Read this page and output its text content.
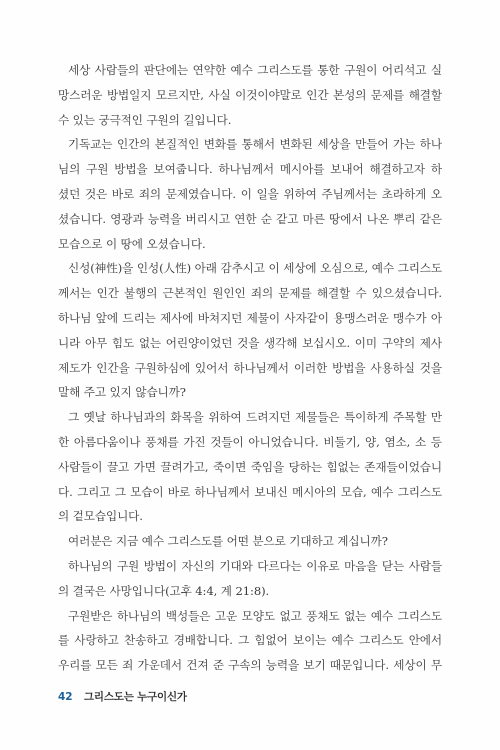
세상 사람들의 판단에는 연약한 예수 그리스도를 통한 구원이 어리석고 실
망스러운 방법일지 모르지만, 사실 이것이야말로 인간 본성의 문제를 해결할
수 있는 궁극적인 구원의 길입니다.
기독교는 인간의 본질적인 변화를 통해서 변화된 세상을 만들어 가는 하나
님의 구원 방법을 보여줍니다. 하나님께서 메시아를 보내어 해결하고자 하
셨던 것은 바로 죄의 문제였습니다. 이 일을 위하여 주님께서는 초라하게 오
셨습니다. 영광과 능력을 버리시고 연한 순 같고 마른 땅에서 나온 뿌리 같은
모습으로 이 땅에 오셨습니다.
신성(神性)을 인성(人性) 아래 감추시고 이 세상에 오심으로, 예수 그리스도
께서는 인간 불행의 근본적인 원인인 죄의 문제를 해결할 수 있으셨습니다.
하나님 앞에 드리는 제사에 바쳐지던 제물이 사자같이 용맹스러운 맹수가 아
니라 아무 힘도 없는 어린양이었던 것을 생각해 보십시오. 이미 구약의 제사
제도가 인간을 구원하심에 있어서 하나님께서 이러한 방법을 사용하실 것을
말해 주고 있지 않습니까?
그 옛날 하나님과의 화목을 위하여 드려지던 제물들은 특이하게 주목할 만
한 아름다움이나 풍채를 가진 것들이 아니었습니다. 비둘기, 양, 염소, 소 등
사람들이 끌고 가면 끌려가고, 죽이면 죽임을 당하는 힘없는 존재들이었습니
다. 그리고 그 모습이 바로 하나님께서 보내신 메시아의 모습, 예수 그리스도
의 겉모습입니다.
여러분은 지금 예수 그리스도를 어떤 분으로 기대하고 계십니까?
하나님의 구원 방법이 자신의 기대와 다르다는 이유로 마음을 닫는 사람들
의 결국은 사망입니다(고후 4:4, 계 21:8).
구원받은 하나님의 백성들은 고운 모양도 없고 풍채도 없는 예수 그리스도
를 사랑하고 찬송하고 경배합니다. 그 힘없어 보이는 예수 그리스도 안에서
우리를 모든 죄 가운데서 건져 준 구속의 능력을 보기 때문입니다. 세상이 무
42 그리스도는 누구이신가
